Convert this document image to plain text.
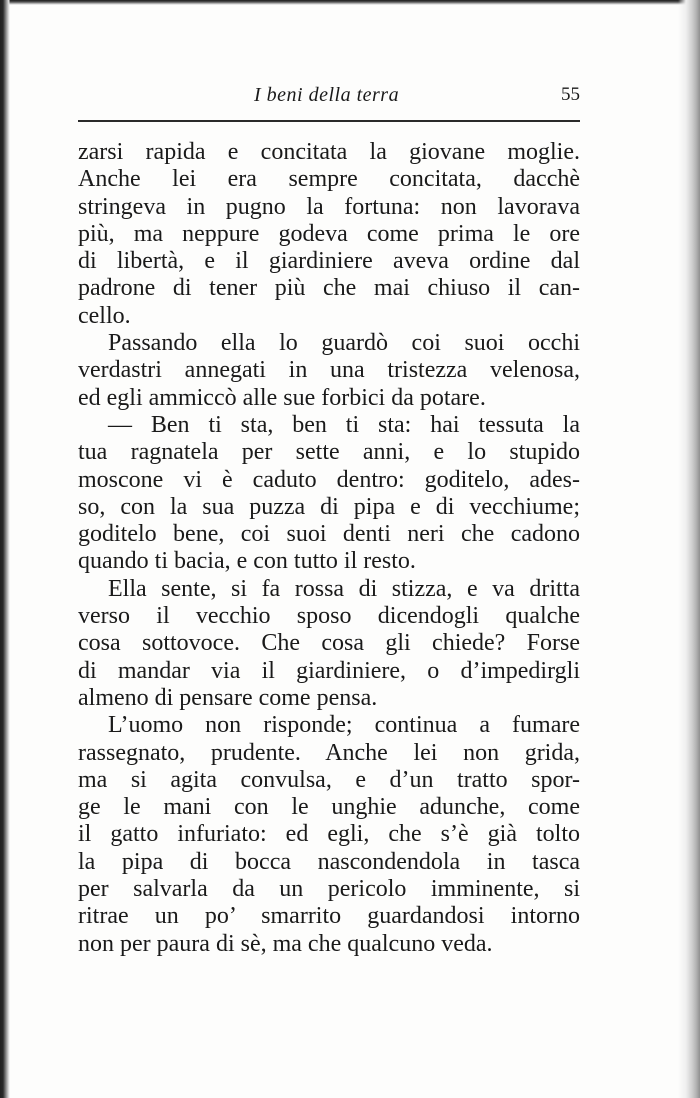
I beni della terra	55
zarsi rapida e concitata la giovane moglie.
Anche lei era sempre concitata, dacchè
stringeva in pugno la fortuna: non lavorava
più, ma neppure godeva come prima le ore
di libertà, e il giardiniere aveva ordine dal
padrone di tener più che mai chiuso il can-
cello.
Passando ella lo guardò coi suoi occhi
verdastri annegati in una tristezza velenosa,
ed egli ammiccò alle sue forbici da potare.
— Ben ti sta, ben ti sta: hai tessuta la
tua ragnatela per sette anni, e lo stupido
moscone vi è caduto dentro: goditelo, ades-
so, con la sua puzza di pipa e di vecchiume;
goditelo bene, coi suoi denti neri che cadono
quando ti bacia, e con tutto il resto.
Ella sente, si fa rossa di stizza, e va dritta
verso il vecchio sposo dicendogli qualche
cosa sottovoce. Che cosa gli chiede? Forse
di mandar via il giardiniere, o d’impedirgli
almeno di pensare come pensa.
L’uomo non risponde; continua a fumare
rassegnato, prudente. Anche lei non grida,
ma si agita convulsa, e d’un tratto spor-
ge le mani con le unghie adunche, come
il gatto infuriato: ed egli, che s’è già tolto
la pipa di bocca nascondendola in tasca
per salvarla da un pericolo imminente, si
ritrae un po’ smarrito guardandosi intorno
non per paura di sè, ma che qualcuno veda.
